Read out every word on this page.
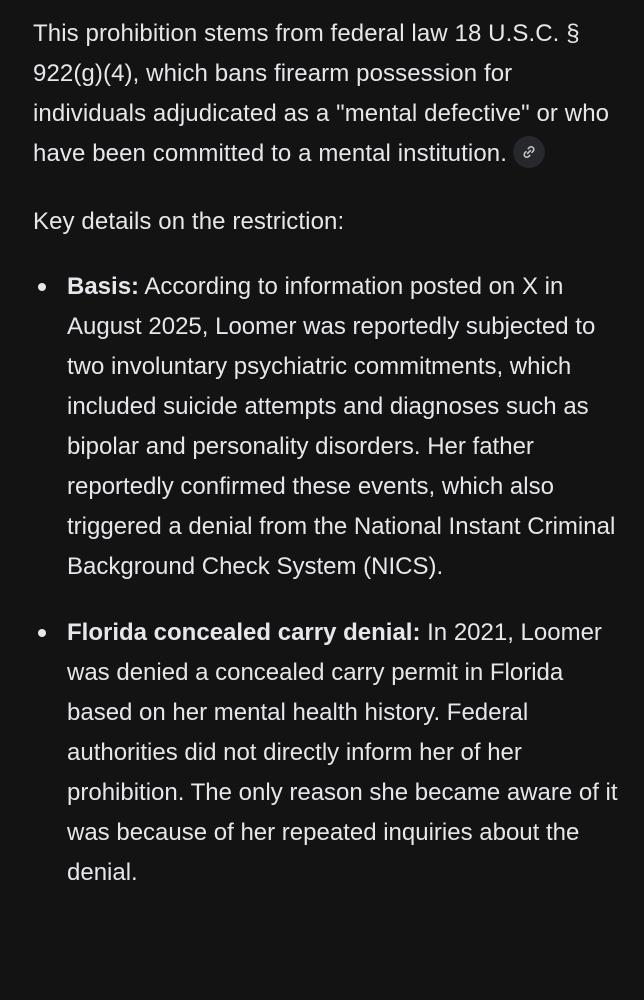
This prohibition stems from federal law 18 U.S.C. § 922(g)(4), which bans firearm possession for individuals adjudicated as a "mental defective" or who have been committed to a mental institution.

Key details on the restriction:

Basis: According to information posted on X in August 2025, Loomer was reportedly subjected to two involuntary psychiatric commitments, which included suicide attempts and diagnoses such as bipolar and personality disorders. Her father reportedly confirmed these events, which also triggered a denial from the National Instant Criminal Background Check System (NICS).
Florida concealed carry denial: In 2021, Loomer was denied a concealed carry permit in Florida based on her mental health history. Federal authorities did not directly inform her of her prohibition. The only reason she became aware of it was because of her repeated inquiries about the denial.
